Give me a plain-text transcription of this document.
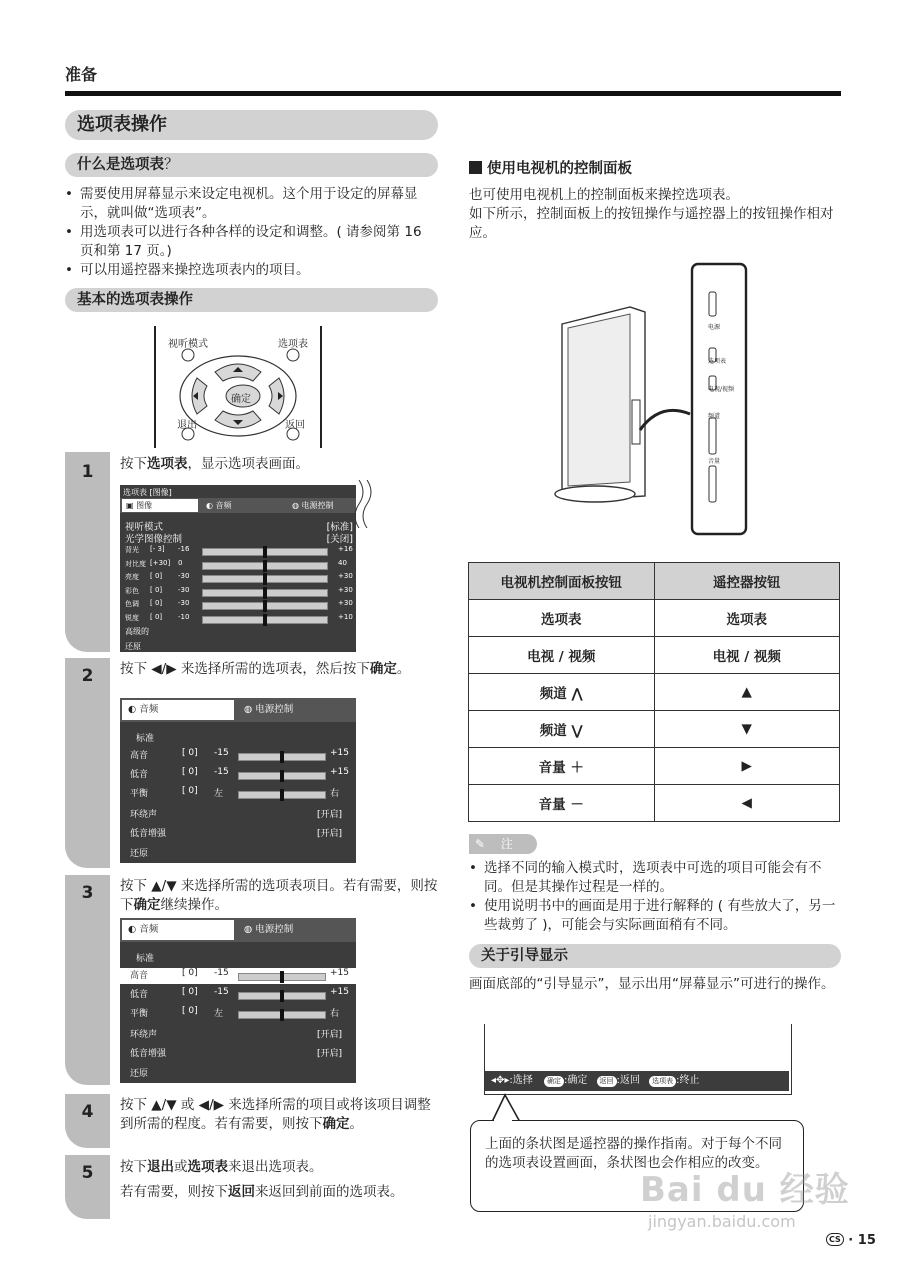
准备
选项表操作
什么是选项表？
• 需要使用屏幕显示来设定电视机。这个用于设定的屏幕显示，就叫做“选项表”。
• 用选项表可以进行各种各样的设定和调整。( 请参阅第 16 页和第 17 页。)
• 可以用遥控器来操控选项表内的项目。
基本的选项表操作
视听模式	选项表
确定
退出	返回
1
2
3
4
5
按下选项表，显示选项表画面。
按下 ◀/▶ 来选择所需的选项表，然后按下确定。
按下 ▲/▼ 来选择所需的选项表项目。若有需要，则按下确定继续操作。
按下 ▲/▼ 或 ◀/▶ 来选择所需的项目或将该项目调整到所需的程度。若有需要，则按下确定。
按下退出或选项表来退出选项表。
若有需要，则按下返回来返回到前面的选项表。
选项表 [图像]
▣ 图像	◐ 音频	◍ 电源控制
视听模式	[标准]
光学图像控制	[关闭]
高级的
还原
背光 [- 3] -16	+16
对比度 [+30] 0	40
亮度 [ 0] -30	+30
彩色 [ 0] -30	+30
色调 [ 0] -30	+30
锐度 [ 0] -10	+10
◐ 音频	◍ 电源控制
标准
高音	[ 0] -15	+15
低音	[ 0] -15	+15
平衡	[ 0] 左	右
环绕声	[开启]
低音增强	[开启]
还原
◐ 音频	◍ 电源控制
标准
高音	[ 0] -15	+15
低音	[ 0] -15	+15
平衡	[ 0] 左	右
环绕声	[开启]
低音增强	[开启]
还原
使用电视机的控制面板
也可使用电视机上的控制面板来操控选项表。
如下所示，控制面板上的按钮操作与遥控器上的按钮操作相对应。
电源
选项表
电视/视频
频道
音量
电视机控制面板按钮	遥控器按钮
选项表	选项表
电视 / 视频	电视 / 视频
频道 ⋀	▲
频道 ⋁	▼
音量 ＋	▶
音量 －	◀
✎ 注
• 选择不同的输入模式时，选项表中可选的项目可能会有不同。但是其操作过程是一样的。
• 使用说明书中的画面是用于进行解释的 ( 有些放大了，另一些裁剪了 )，可能会与实际画面稍有不同。
关于引导显示
画面底部的“引导显示”，显示出用“屏幕显示”可进行的操作。
◂✥▸:选择 确定 :确定 返回 :返回 选项表 :终止
上面的条状图是遥控器的操作指南。对于每个不同的选项表设置画面，条状图也会作相应的改变。
Bai du 经验
jingyan.baidu.com
CS · 15
